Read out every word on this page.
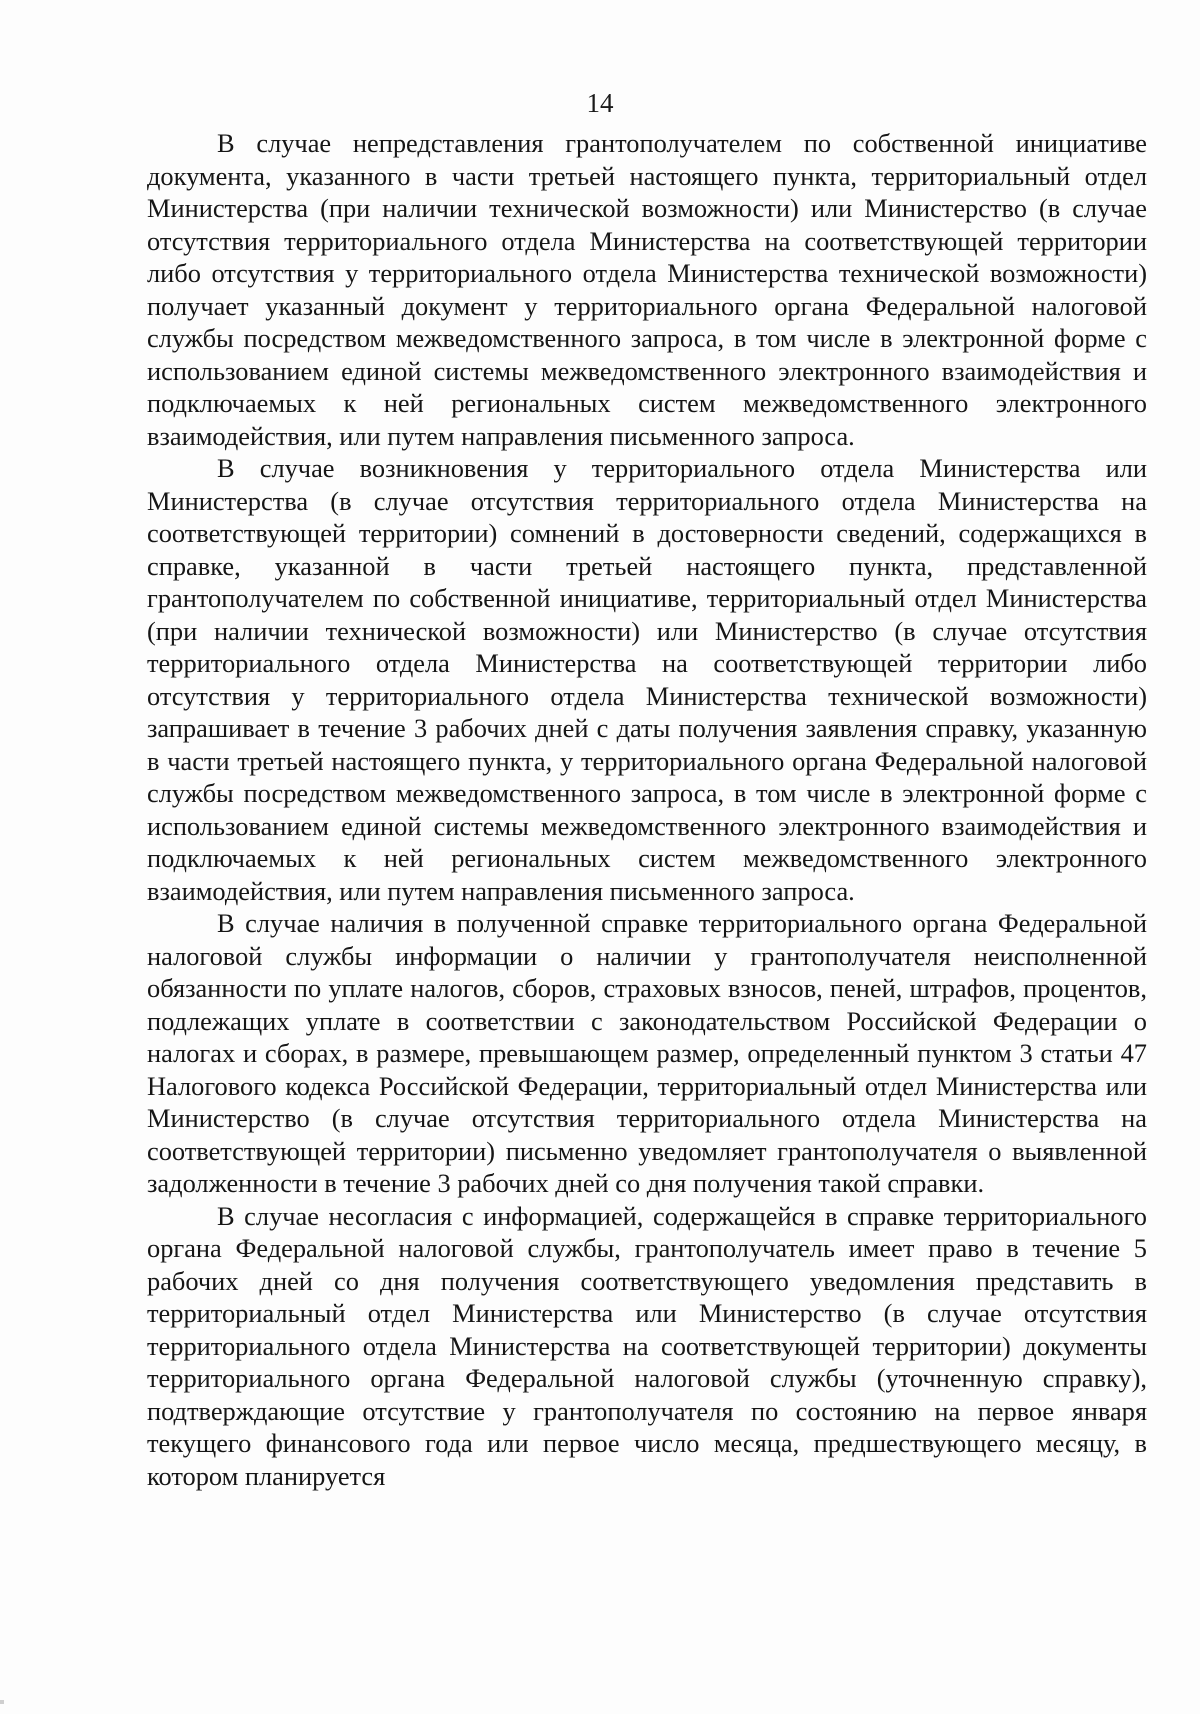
14

В случае непредставления грантополучателем по собственной инициативе документа, указанного в части третьей настоящего пункта, территориальный отдел Министерства (при наличии технической возможности) или Министерство (в случае отсутствия территориального отдела Министерства на соответствующей территории либо отсутствия у территориального отдела Министерства технической возможности) получает указанный документ у территориального органа Федеральной налоговой службы посредством межведомственного запроса, в том числе в электронной форме с использованием единой системы межведомственного электронного взаимодействия и подключаемых к ней региональных систем межведомственного электронного взаимодействия, или путем направления письменного запроса.

В случае возникновения у территориального отдела Министерства или Министерства (в случае отсутствия территориального отдела Министерства на соответствующей территории) сомнений в достоверности сведений, содержащихся в справке, указанной в части третьей настоящего пункта, представленной грантополучателем по собственной инициативе, территориальный отдел Министерства (при наличии технической возможности) или Министерство (в случае отсутствия территориального отдела Министерства на соответствующей территории либо отсутствия у территориального отдела Министерства технической возможности) запрашивает в течение 3 рабочих дней с даты получения заявления справку, указанную в части третьей настоящего пункта, у территориального органа Федеральной налоговой службы посредством межведомственного запроса, в том числе в электронной форме с использованием единой системы межведомственного электронного взаимодействия и подключаемых к ней региональных систем межведомственного электронного взаимодействия, или путем направления письменного запроса.

В случае наличия в полученной справке территориального органа Федеральной налоговой службы информации о наличии у грантополучателя неисполненной обязанности по уплате налогов, сборов, страховых взносов, пеней, штрафов, процентов, подлежащих уплате в соответствии с законодательством Российской Федерации о налогах и сборах, в размере, превышающем размер, определенный пунктом 3 статьи 47 Налогового кодекса Российской Федерации, территориальный отдел Министерства или Министерство (в случае отсутствия территориального отдела Министерства на соответствующей территории) письменно уведомляет грантополучателя о выявленной задолженности в течение 3 рабочих дней со дня получения такой справки.

В случае несогласия с информацией, содержащейся в справке территориального органа Федеральной налоговой службы, грантополучатель имеет право в течение 5 рабочих дней со дня получения соответствующего уведомления представить в территориальный отдел Министерства или Министерство (в случае отсутствия территориального отдела Министерства на соответствующей территории) документы территориального органа Федеральной налоговой службы (уточненную справку), подтверждающие отсутствие у грантополучателя по состоянию на первое января текущего финансового года или первое число месяца, предшествующего месяцу, в котором планируется
